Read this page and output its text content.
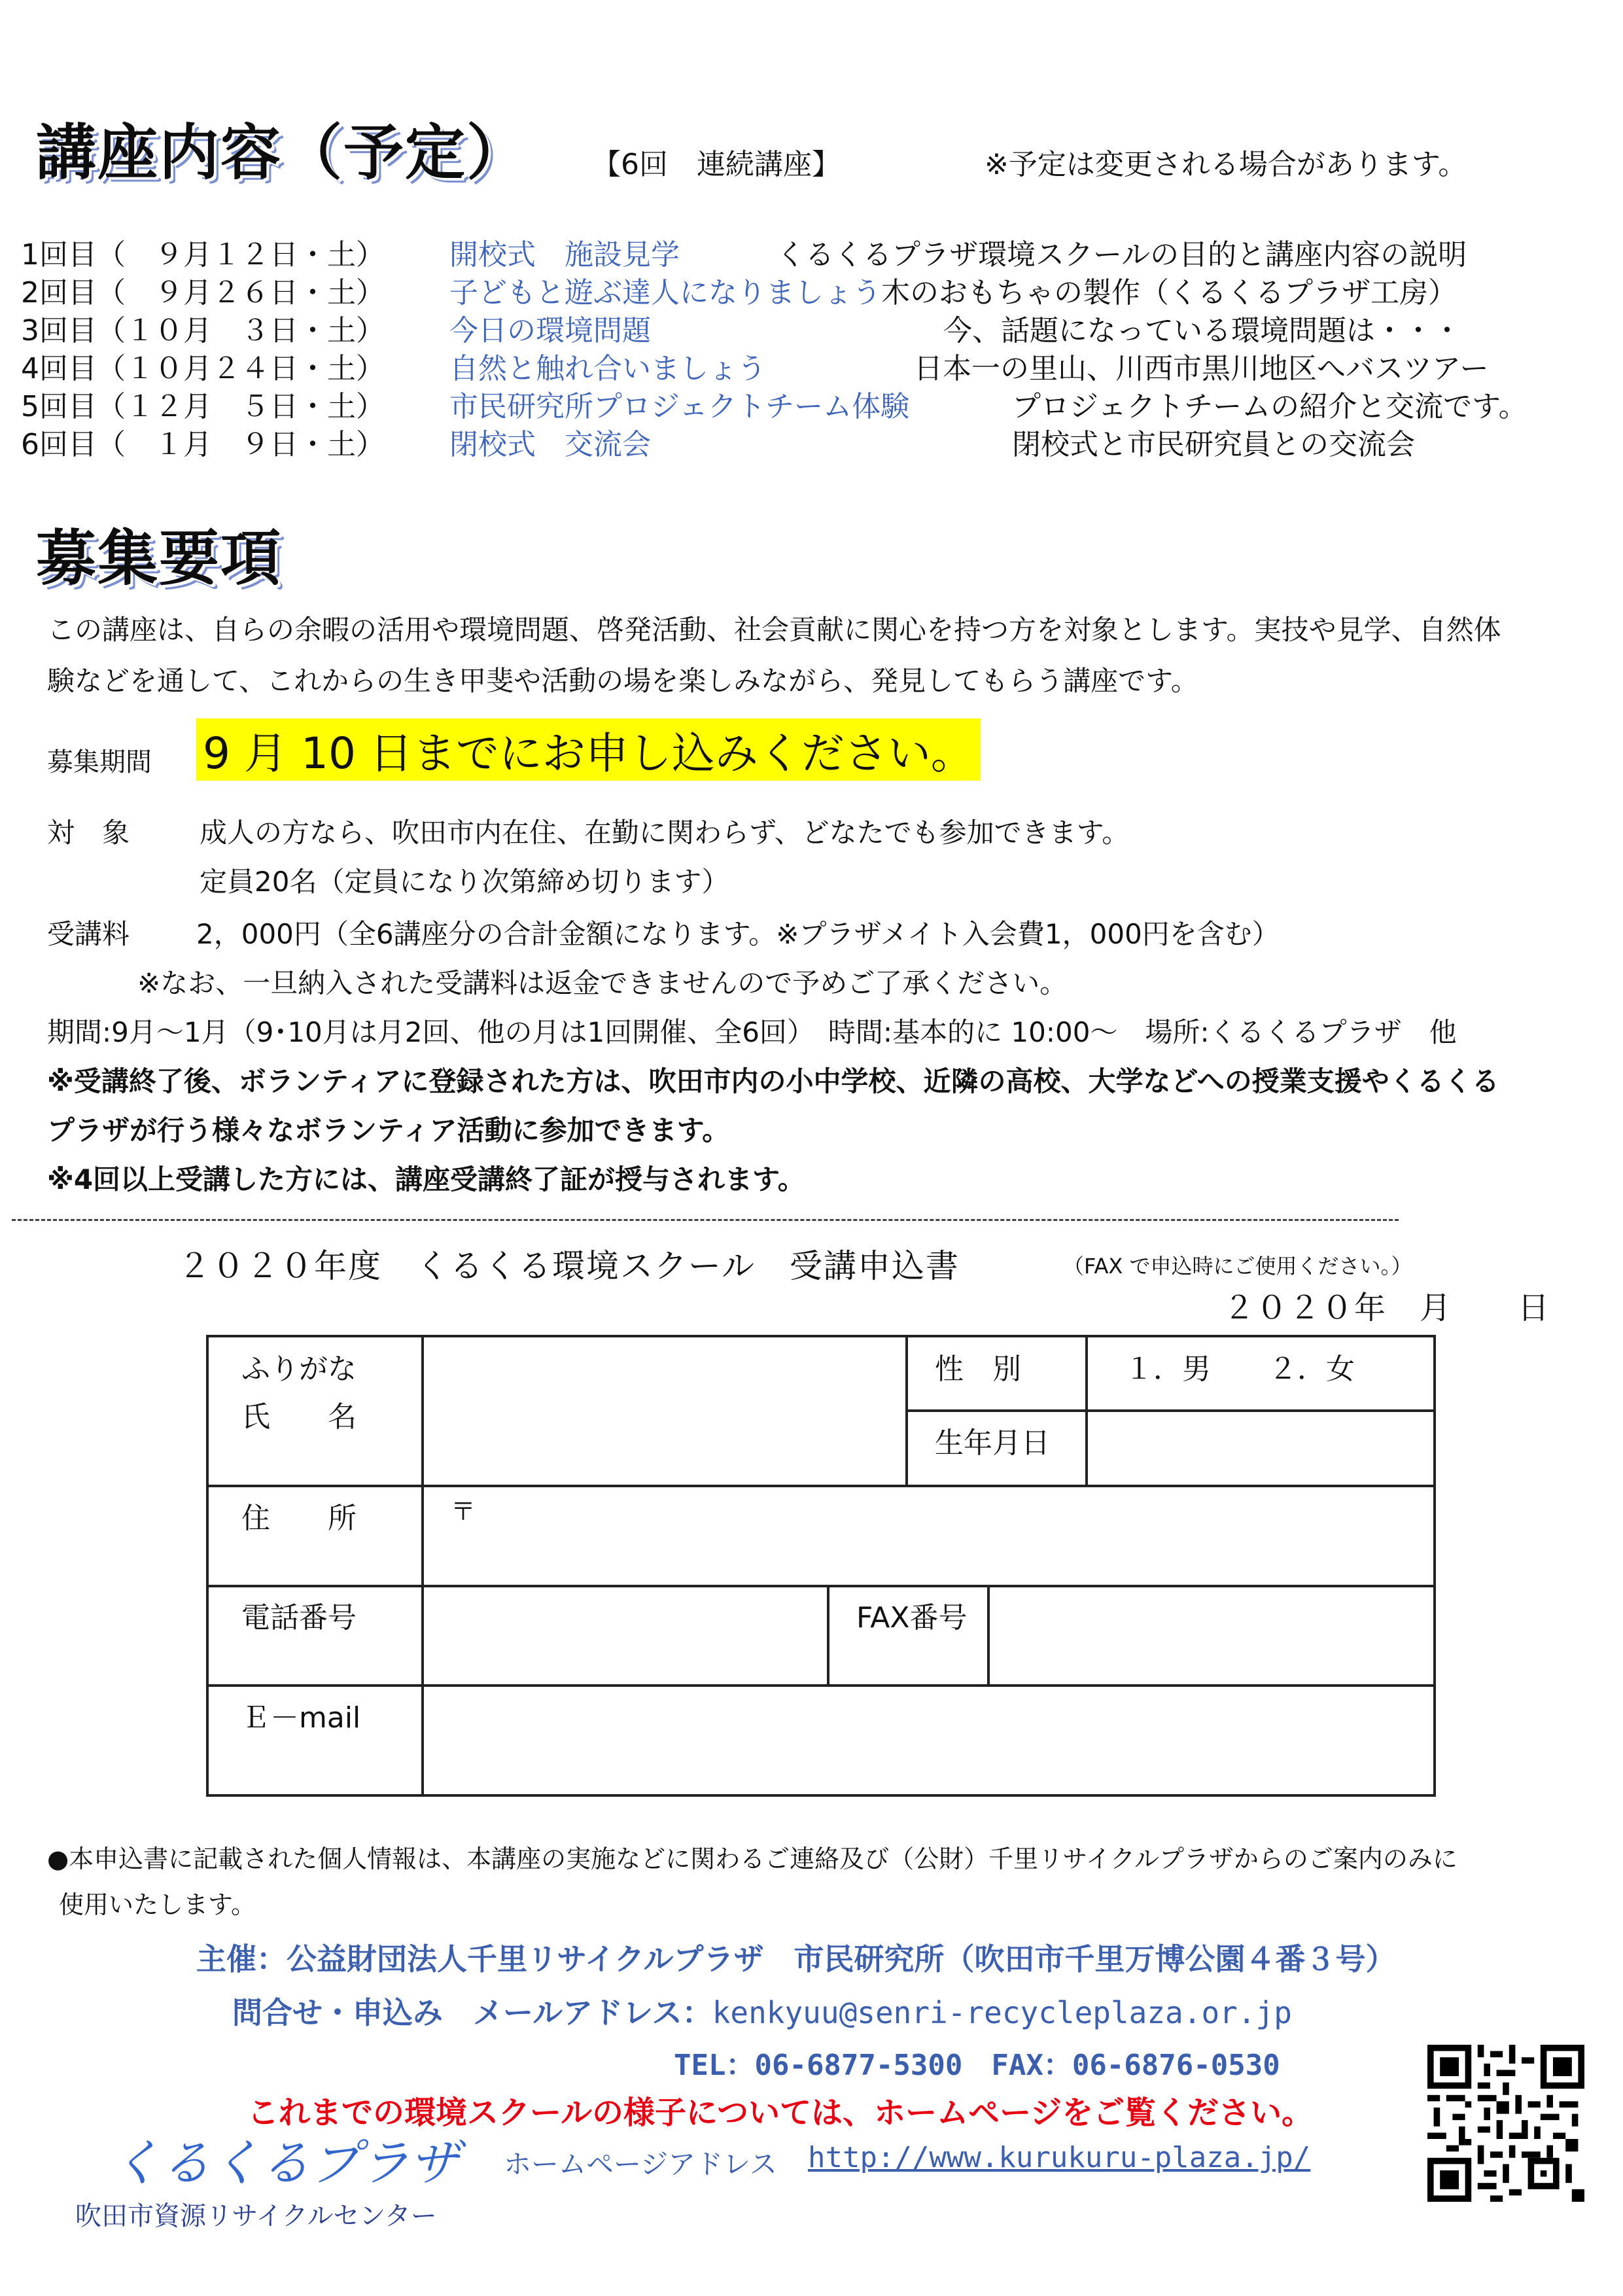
講座内容（予定） 【6回　連続講座】	※予定は変更される場合があります。
1回目（　９月１２日・土）	開校式　施設見学	くるくるプラザ環境スクールの目的と講座内容の説明
2回目（　９月２６日・土）	子どもと遊ぶ達人になりましょう 木のおもちゃの製作（くるくるプラザ工房）
3回目（１０月　３日・土）	今日の環境問題	今、話題になっている環境問題は・・・
4回目（１０月２４日・土）	自然と触れ合いましょう	日本一の里山、川西市黒川地区へバスツアー
5回目（１２月　５日・土）	市民研究所プロジェクトチーム体験	プロジェクトチームの紹介と交流です。
6回目（　１月　９日・土）	閉校式　交流会	閉校式と市民研究員との交流会
募集要項
この講座は、自らの余暇の活用や環境問題、啓発活動、社会貢献に関心を持つ方を対象とします。実技や見学、自然体
験などを通して、これからの生き甲斐や活動の場を楽しみながら、発見してもらう講座です。
募集期間 9 月 10 日までにお申し込みください。
対　象	成人の方なら、吹田市内在住、在勤に関わらず、どなたでも参加できます。
定員20名（定員になり次第締め切ります）
受講料 2，000円（全6講座分の合計金額になります。※プラザメイト入会費1，000円を含む）
※なお、一旦納入された受講料は返金できませんので予めご了承ください。
期間:9月～1月（9･10月は月2回、他の月は1回開催、全6回）　時間:基本的に 10:00～　場所:くるくるプラザ　他
※受講終了後、ボランティアに登録された方は、吹田市内の小中学校、近隣の高校、大学などへの授業支援やくるくる
プラザが行う様々なボランティア活動に参加できます。
※4回以上受講した方には、講座受講終了証が授与されます。
２０２０年度　くるくる環境スクール　受講申込書	（FAX で申込時にご使用ください。）
２０２０年　月　　日
ふりがな
氏　　名
性　別	１．男　　２．女
生年月日
住　　所	〒
電話番号	FAX番号
Ｅ－mail
●本申込書に記載された個人情報は、本講座の実施などに関わるご連絡及び（公財）千里リサイクルプラザからのご案内のみに
使用いたします。
主催：公益財団法人千里リサイクルプラザ　市民研究所（吹田市千里万博公園４番３号）
問合せ・申込み　メールアドレス：kenkyuu@senri-recycleplaza.or.jp
TEL：06-6877-5300　FAX：06-6876-0530
これまでの環境スクールの様子については、ホームページをご覧ください。
くるくるプラザ
吹田市資源リサイクルセンター
ホームページアドレス http://www.kurukuru-plaza.jp/
